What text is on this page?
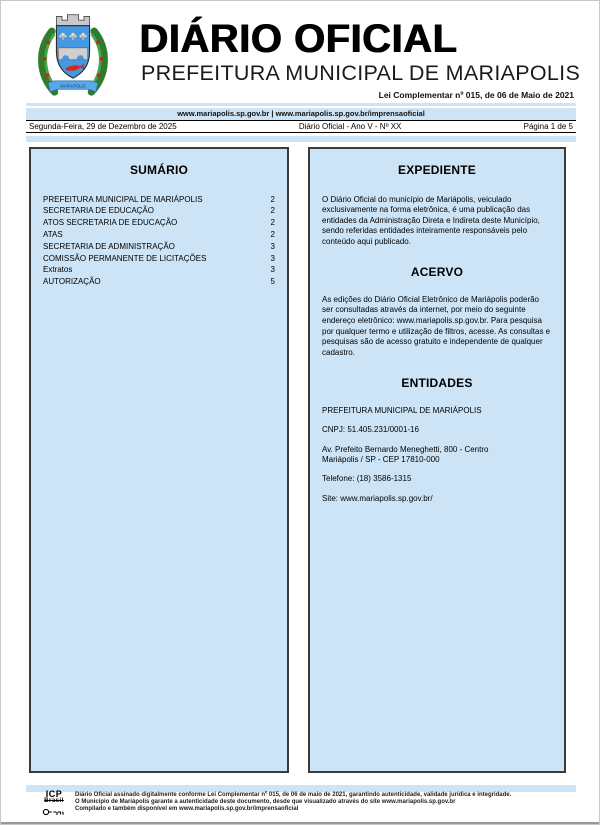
MARIAPOLIS
DIÁRIO OFICIAL
PREFEITURA MUNICIPAL DE MARIAPOLIS
Lei Complementar nº 015, de 06 de Maio de 2021
www.mariapolis.sp.gov.br | www.mariapolis.sp.gov.br/imprensaoficial
Segunda-Feira, 29 de Dezembro de 2025	Diário Oficial - Ano V - Nº XX	Página 1 de 5
SUMÁRIO
PREFEITURA MUNICIPAL DE MARIÁPOLIS	2
SECRETARIA DE EDUCAÇÃO	2
ATOS SECRETARIA DE EDUCAÇÃO	2
ATAS	2
SECRETARIA DE ADMINISTRAÇÃO	3
COMISSÃO PERMANENTE DE LICITAÇÕES	3
Extratos	3
AUTORIZAÇÃO	5
EXPEDIENTE
O Diário Oficial do município de Mariápolis, veiculado exclusivamente na forma eletrônica, é uma publicação das entidades da Administração Direta e Indireta deste Município, sendo referidas entidades inteiramente responsáveis pelo conteúdo aqui publicado.
ACERVO
As edições do Diário Oficial Eletrônico de Mariápolis poderão ser consultadas através da internet, por meio do seguinte endereço eletrônico: www.mariapolis.sp.gov.br. Para pesquisa por qualquer termo e utilização de filtros, acesse. As consultas e pesquisas são de acesso gratuito e independente de qualquer cadastro.
ENTIDADES
PREFEITURA MUNICIPAL DE MARIÁPOLIS
CNPJ: 51.405.231/0001-16
Av. Prefeito Bernardo Meneghetti, 800 - Centro
Mariápolis / SP - CEP 17810-000
Telefone: (18) 3586-1315
Site: www.mariapolis.sp.gov.br/
ICP
Brasil
Diário Oficial assinado digitalmente conforme Lei Complementar nº 015, de 06 de maio de 2021, garantindo autenticidade, validade jurídica e integridade.
O Município de Mariápolis garante a autenticidade deste documento, desde que visualizado através do site www.mariapolis.sp.gov.br
Compilado e também disponível em www.mariapolis.sp.gov.br/imprensaoficial
